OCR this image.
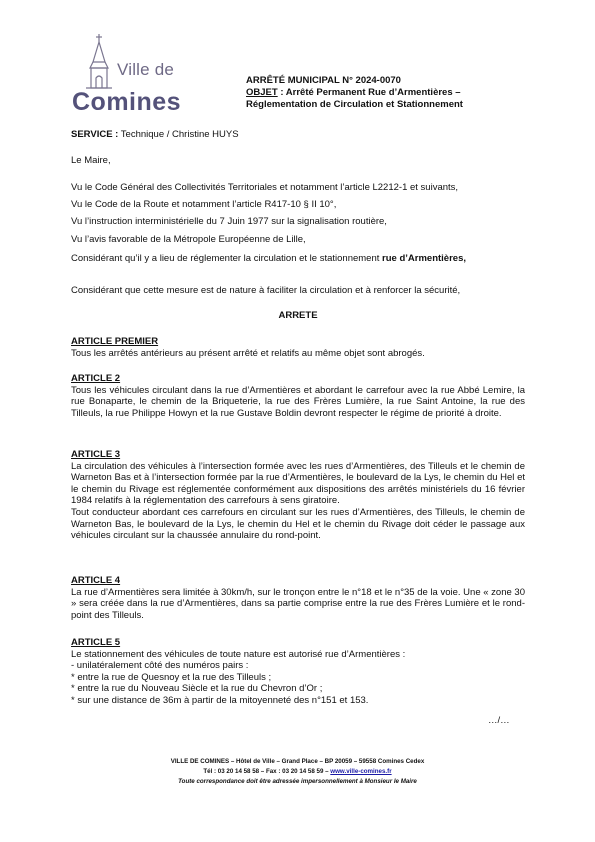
Ville de
Comines
ARRÊTÉ MUNICIPAL N° 2024-0070
OBJET : Arrêté Permanent Rue d’Armentières –
Réglementation de Circulation et Stationnement
SERVICE : Technique / Christine HUYS
Le Maire,
Vu le Code Général des Collectivités Territoriales et notamment l’article L2212-1 et suivants,
Vu le Code de la Route et notamment l’article R417-10 § II 10°,
Vu l’instruction interministérielle du 7 Juin 1977 sur la signalisation routière,
Vu l’avis favorable de la Métropole Européenne de Lille,
Considérant qu’il y a lieu de réglementer la circulation et le stationnement rue d’Armentières,
Considérant que cette mesure est de nature à faciliter la circulation et à renforcer la sécurité,
ARRETE
ARTICLE PREMIER
Tous les arrêtés antérieurs au présent arrêté et relatifs au même objet sont abrogés.
ARTICLE 2
Tous les véhicules circulant dans la rue d’Armentières et abordant le carrefour avec la rue Abbé Lemire, la rue Bonaparte, le chemin de la Briqueterie, la rue des Frères Lumière, la rue Saint Antoine, la rue des Tilleuls, la rue Philippe Howyn et la rue Gustave Boldin devront respecter le régime de priorité à droite.
ARTICLE 3
La circulation des véhicules à l’intersection formée avec les rues d’Armentières, des Tilleuls et le chemin de Warneton Bas et à l’intersection formée par la rue d’Armentières, le boulevard de la Lys, le chemin du Hel et le chemin du Rivage est réglementée conformément aux dispositions des arrêtés ministériels du 16 février 1984 relatifs à la réglementation des carrefours à sens giratoire.
Tout conducteur abordant ces carrefours en circulant sur les rues d’Armentières, des Tilleuls, le chemin de Warneton Bas, le boulevard de la Lys, le chemin du Hel et le chemin du Rivage doit céder le passage aux véhicules circulant sur la chaussée annulaire du rond-point.
ARTICLE 4
La rue d’Armentières sera limitée à 30km/h, sur le tronçon entre le n°18 et le n°35 de la voie. Une « zone 30 » sera créée dans la rue d’Armentières, dans sa partie comprise entre la rue des Frères Lumière et le rond-point des Tilleuls.
ARTICLE 5
Le stationnement des véhicules de toute nature est autorisé rue d’Armentières :
- unilatéralement côté des numéros pairs :
* entre la rue de Quesnoy et la rue des Tilleuls ;
* entre la rue du Nouveau Siècle et la rue du Chevron d’Or ;
* sur une distance de 36m à partir de la mitoyenneté des n°151 et 153.
…/…
VILLE DE COMINES – Hôtel de Ville – Grand Place – BP 20059 – 59558 Comines Cedex
Tél : 03 20 14 58 58 – Fax : 03 20 14 58 59 – www.ville-comines.fr
Toute correspondance doit être adressée impersonnellement à Monsieur le Maire
